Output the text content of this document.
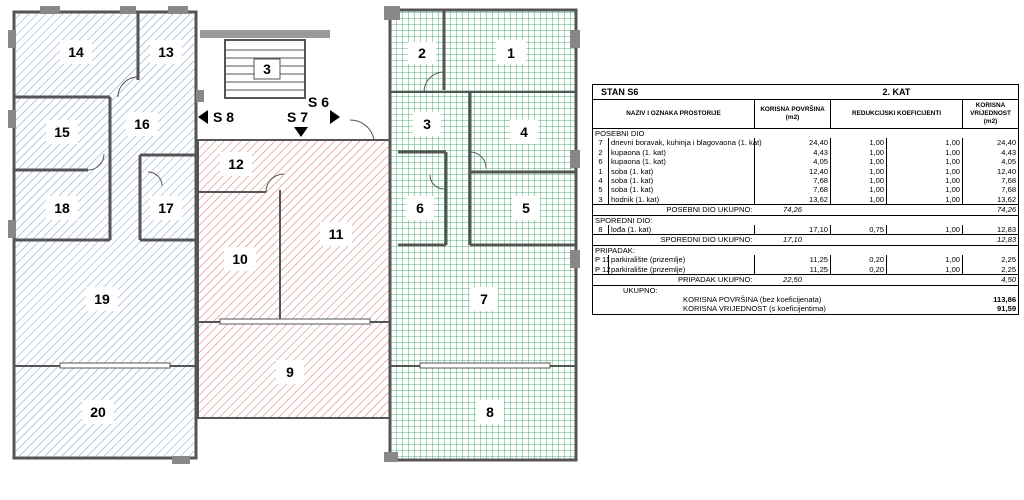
S 8	S 7
S 6
1
2
3	4
5
6
7
8
9
10
11
12
13
14
15	16
17
18
19
20
3
STAN S6			2. KAT		
NAZIV I OZNAKA PROSTORIJE		KORISNA POVRŠINA (m2)	REDUKCIJSKI KOEFICIJENTI		KORISNA VRIJEDNOST (m2)
POSEBNI DIO					
7	dnevni boravak, kuhinja i blagovaona (1. kat)	24,40	1,00	1,00	24,40
2	kupaona (1. kat)	4,43	1,00	1,00	4,43
6	kupaona (1. kat)	4,05	1,00	1,00	4,05
1	soba (1. kat)	12,40	1,00	1,00	12,40
4	soba (1. kat)	7,68	1,00	1,00	7,68
5	soba (1. kat)	7,68	1,00	1,00	7,68
3	hodnik (1. kat)	13,62	1,00	1,00	13,62
POSEBNI DIO UKUPNO:		74,26			74,26
SPOREDNI DIO:					
8	lođa (1. kat)	17,10	0,75	1,00	12,83
SPOREDNI DIO UKUPNO:		17,10			12,83
PRIPADAK:					
P 11	parkiralište (prizemlje)	11,25	0,20	1,00	2,25
P 12	parkiralište (prizemlje)	11,25	0,20	1,00	2,25
PRIPADAK UKUPNO:		22,50			4,50
UKUPNO:					
KORISNA POVRŠINA (bez koeficijenata)					113,86
KORISNA VRIJEDNOST (s koeficijentima)					91,59
